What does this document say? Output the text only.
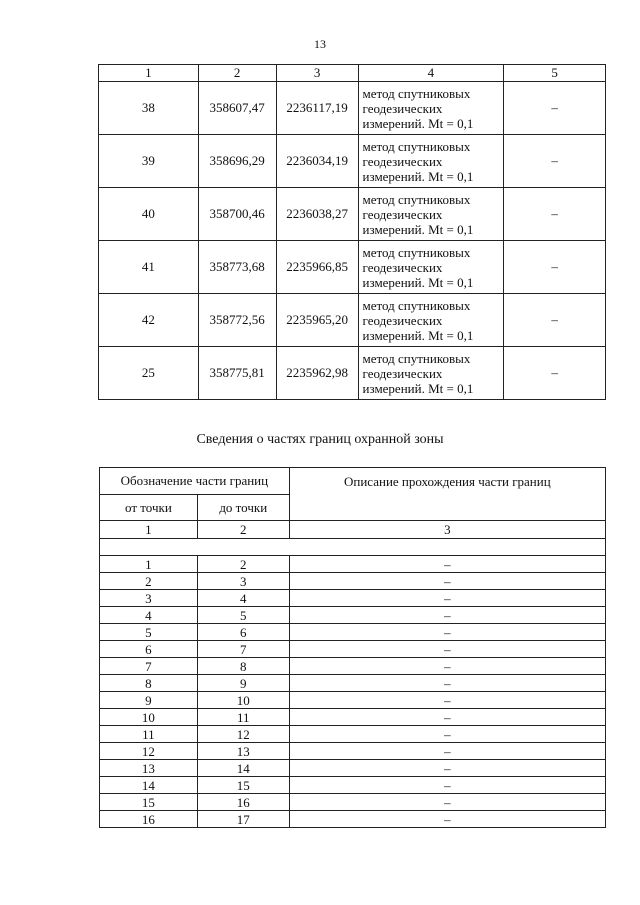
13
1	2	3	4	5
38	358607,47	2236117,19	метод спутниковых
геодезических
измерений. Mt = 0,1	–
39	358696,29	2236034,19	метод спутниковых
геодезических
измерений. Mt = 0,1	–
40	358700,46	2236038,27	метод спутниковых
геодезических
измерений. Mt = 0,1	–
41	358773,68	2235966,85	метод спутниковых
геодезических
измерений. Mt = 0,1	–
42	358772,56	2235965,20	метод спутниковых
геодезических
измерений. Mt = 0,1	–
25	358775,81	2235962,98	метод спутниковых
геодезических
измерений. Mt = 0,1	–
Сведения о частях границ охранной зоны
Обозначение части границ		Описание прохождения части границ
от точки	до точки	
1	2	3

1	2	–
2	3	–
3	4	–
4	5	–
5	6	–
6	7	–
7	8	–
8	9	–
9	10	–
10	11	–
11	12	–
12	13	–
13	14	–
14	15	–
15	16	–
16	17	–
